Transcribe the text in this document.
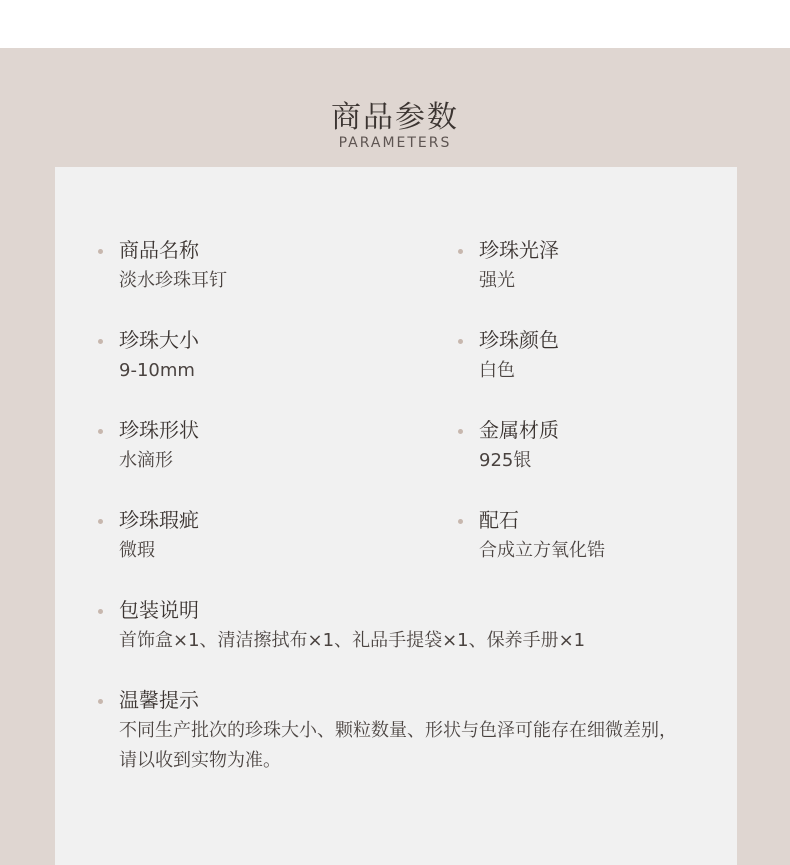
商品参数
PARAMETERS
商品名称
淡水珍珠耳钉
珍珠光泽
强光
珍珠大小
9-10mm
珍珠颜色
白色
珍珠形状
水滴形
金属材质
925银
珍珠瑕疵
微瑕
配石
合成立方氧化锆
包装说明
首饰盒×1、清洁擦拭布×1、礼品手提袋×1、保养手册×1
温馨提示
不同生产批次的珍珠大小、颗粒数量、形状与色泽可能存在细微差别，请以收到实物为准。
